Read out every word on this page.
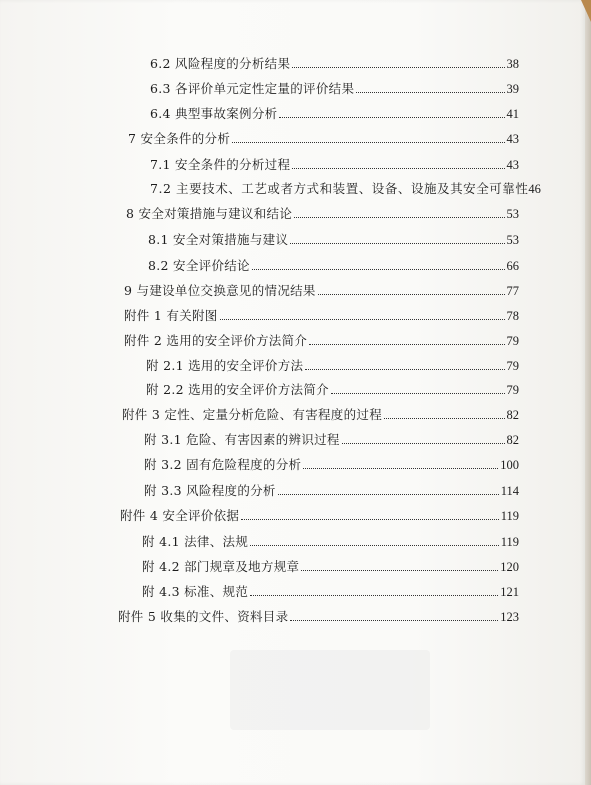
6.2 风险程度的分析结果	38
6.3 各评价单元定性定量的评价结果	39
6.4 典型事故案例分析	41
7 安全条件的分析	43
7.1 安全条件的分析过程	43
7.2 主要技术、工艺或者方式和装置、设备、设施及其安全可靠性 46
8 安全对策措施与建议和结论	53
8.1 安全对策措施与建议	53
8.2 安全评价结论	66
9 与建设单位交换意见的情况结果	77
附件 1 有关附图	78
附件 2 选用的安全评价方法简介	79
附 2.1 选用的安全评价方法	79
附 2.2 选用的安全评价方法简介	79
附件 3 定性、定量分析危险、有害程度的过程	82
附 3.1 危险、有害因素的辨识过程	82
附 3.2 固有危险程度的分析	100
附 3.3 风险程度的分析	114
附件 4 安全评价依据	119
附 4.1 法律、法规	119
附 4.2 部门规章及地方规章	120
附 4.3 标准、规范	121
附件 5 收集的文件、资料目录	123
